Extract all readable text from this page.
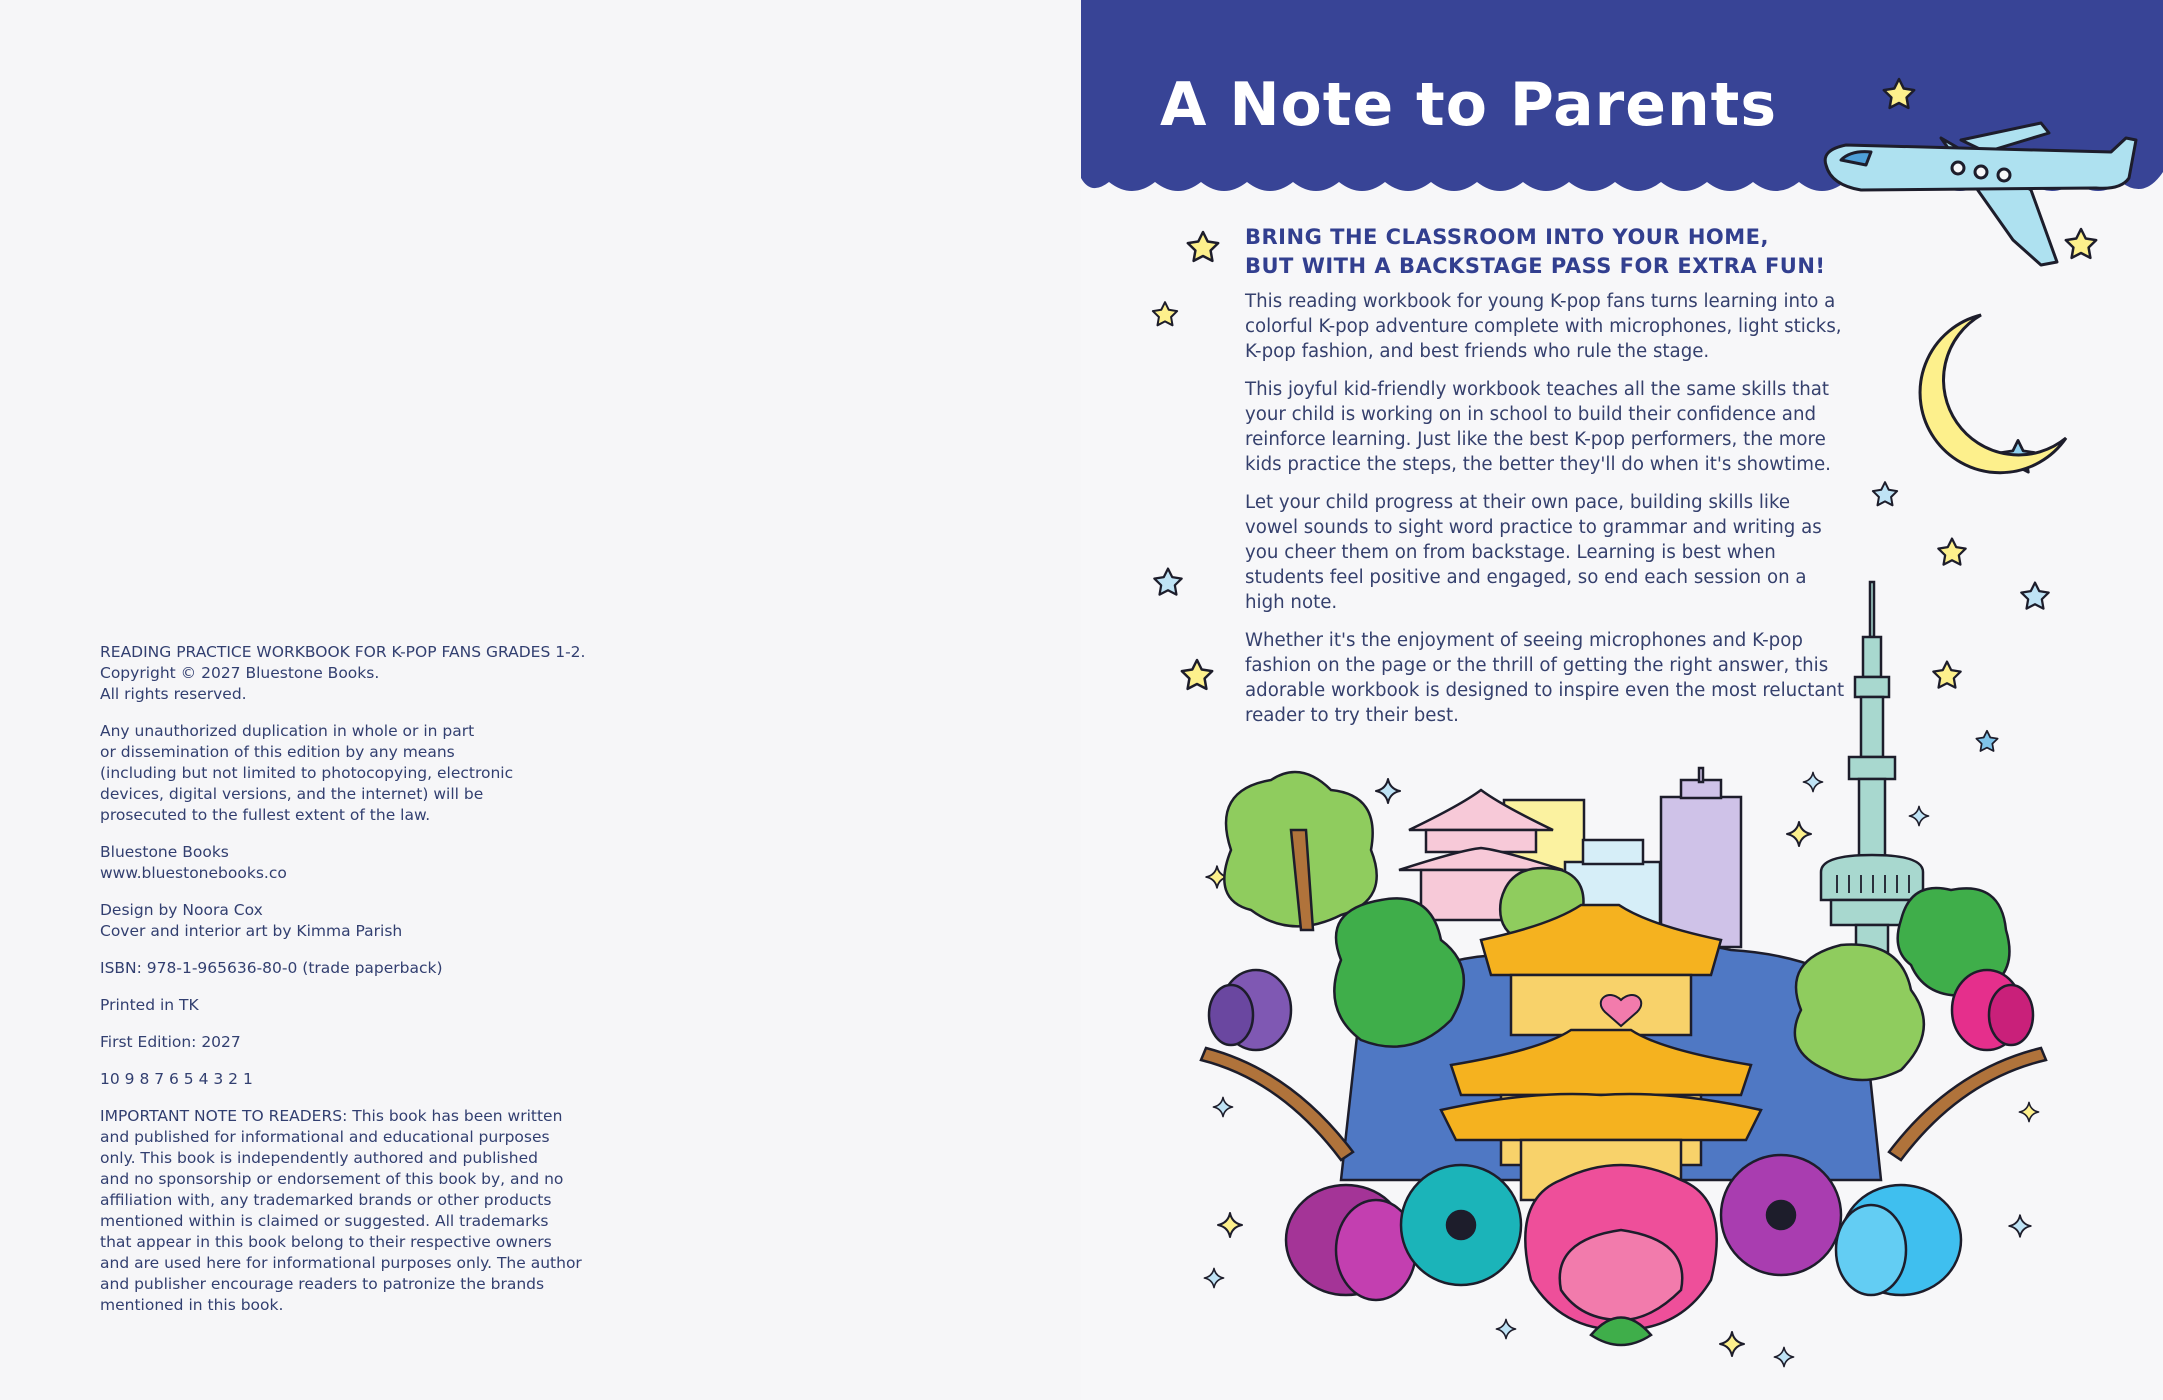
READING PRACTICE WORKBOOK FOR K-POP FANS GRADES 1-2.
Copyright © 2027 Bluestone Books.
All rights reserved.

Any unauthorized duplication in whole or in part
or dissemination of this edition by any means
(including but not limited to photocopying, electronic
devices, digital versions, and the internet) will be
prosecuted to the fullest extent of the law.

Bluestone Books
www.bluestonebooks.co

Design by Noora Cox
Cover and interior art by Kimma Parish

ISBN: 978-1-965636-80-0 (trade paperback)

Printed in TK

First Edition: 2027

10 9 8 7 6 5 4 3 2 1

IMPORTANT NOTE TO READERS: This book has been written
and published for informational and educational purposes
only. This book is independently authored and published
and no sponsorship or endorsement of this book by, and no
affiliation with, any trademarked brands or other products
mentioned within is claimed or suggested. All trademarks
that appear in this book belong to their respective owners
and are used here for informational purposes only. The author
and publisher encourage readers to patronize the brands
mentioned in this book.

A Note to Parents
BRING THE CLASSROOM INTO YOUR HOME,
BUT WITH A BACKSTAGE PASS FOR EXTRA FUN!

This reading workbook for young K-pop fans turns learning into a colorful K-pop adventure complete with microphones, light sticks, K-pop fashion, and best friends who rule the stage.

This joyful kid-friendly workbook teaches all the same skills that your child is working on in school to build their confidence and reinforce learning. Just like the best K-pop performers, the more kids practice the steps, the better they'll do when it's showtime.

Let your child progress at their own pace, building skills like vowel sounds to sight word practice to grammar and writing as you cheer them on from backstage. Learning is best when students feel positive and engaged, so end each session on a high note.

Whether it's the enjoyment of seeing microphones and K-pop fashion on the page or the thrill of getting the right answer, this adorable workbook is designed to inspire even the most reluctant reader to try their best.
